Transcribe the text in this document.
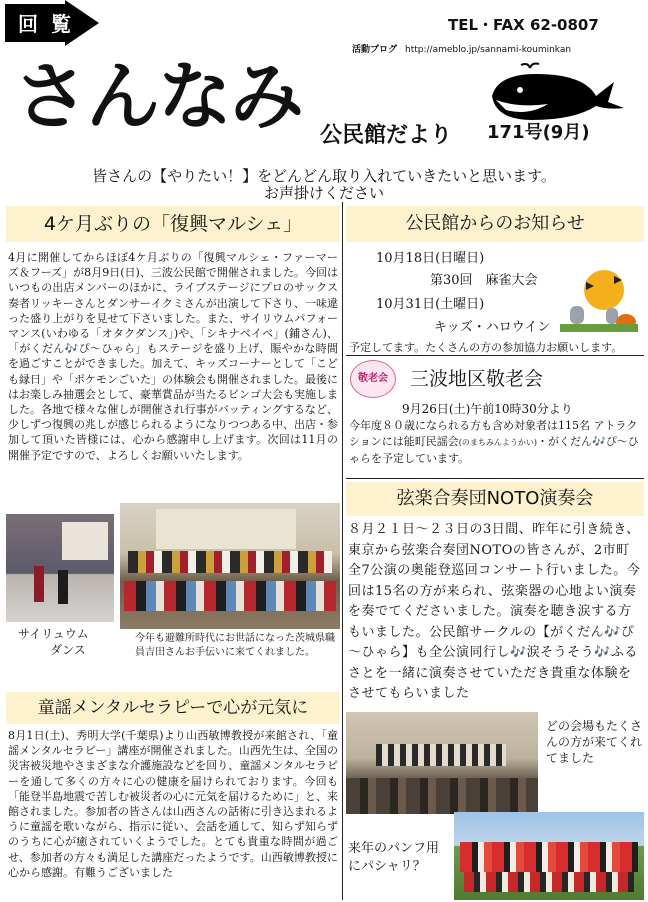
回 覧
さんなみ 公民館だより 171号(9月)
TEL・FAX 62-0807
活動ブログ http://ameblo.jp/sannami-kouminkan
皆さんの【やりたい！】をどんどん取り入れていきたいと思います。
お声掛けください
4ケ月ぶりの「復興マルシェ」
4月に開催してからほぼ4ケ月ぶりの「復興マルシェ・ファーマーズ＆フーズ」が8月9日(日)、三波公民館で開催されました。今回はいつもの出店メンバーのほかに、ライブステージにプロのサックス奏者リッキーさんとダンサーイクミさんが出演して下さり、一味違った盛り上がりを見せて下さいました。また、サイリウムパフォーマンス(いわゆる「オタクダンス」)や、「シキナベイベ」(鋪さん)、「がくだん🎶ぴ～ひゃら」もステージを盛り上げ、賑やかな時間を過ごすことができました。加えて、キッズコーナーとして「こども縁日」や「ポケモンごいた」の体験会も開催されました。最後にはお楽しみ抽選会として、豪華賞品が当たるビンゴ大会も実施しました。各地で様々な催しが開催され行事がバッティングするなど、少しずつ復興の兆しが感じられるようになりつつある中、出店・参加して頂いた皆様には、心から感謝申し上げます。次回は11月の開催予定ですので、よろしくお願いいたします。
サイリュウム
ダンス
今年も避難所時代にお世話になった茨城県職員吉田さんお手伝いに来てくれました。
童謡メンタルセラピーで心が元気に
8月1日(土)、秀明大学(千葉県)より山西敏博教授が来館され、「童謡メンタルセラピー」講座が開催されました。山西先生は、全国の災害被災地やさまざまな介護施設などを回り、童謡メンタルセラピーを通して多くの方々に心の健康を届けられております。今回も「能登半島地震で苦しむ被災者の心に元気を届けるために」と、来館されました。参加者の皆さんは山西さんの話術に引き込まれるように童謡を歌いながら、指示に従い、会話を通して、知らず知らずのうちに心が癒されていくようでした。とても貴重な時間が過ごせ、参加者の方々も満足した講座だったようです。山西敏博教授に心から感謝。有難うございました
公民館からのお知らせ
10月18日(日曜日)
第30回　麻雀大会
10月31日(土曜日)
キッズ・ハロウイン
予定してます。たくさんの方の参加協力お願いします。
敬老会	三波地区敬老会
9月26日(土)午前10時30分より
今年度８０歳になられる方も含め対象者は115名 アトラクションには能町民謡会(のまちみんようかい)・がくだん🎶ぴ～ひゃらを予定しています。
弦楽合奏団NOTO演奏会
８月２１日～２３日の3日間、昨年に引き続き、東京から弦楽合奏団NOTOの皆さんが、2市町全7公演の奥能登巡回コンサート行いました。今回は15名の方が来られ、弦楽器の心地よい演奏を奏でてくださいました。演奏を聴き涙する方もいました。公民館サークルの【がくだん🎶ぴ～ひゃら】も全公演同行し🎶涙そうそう🎶ふるさとを一緒に演奏させていただき貴重な体験をさせてもらいました
どの会場もたくさんの方が来てくれてました
来年のパンフ用にパシャリ？
